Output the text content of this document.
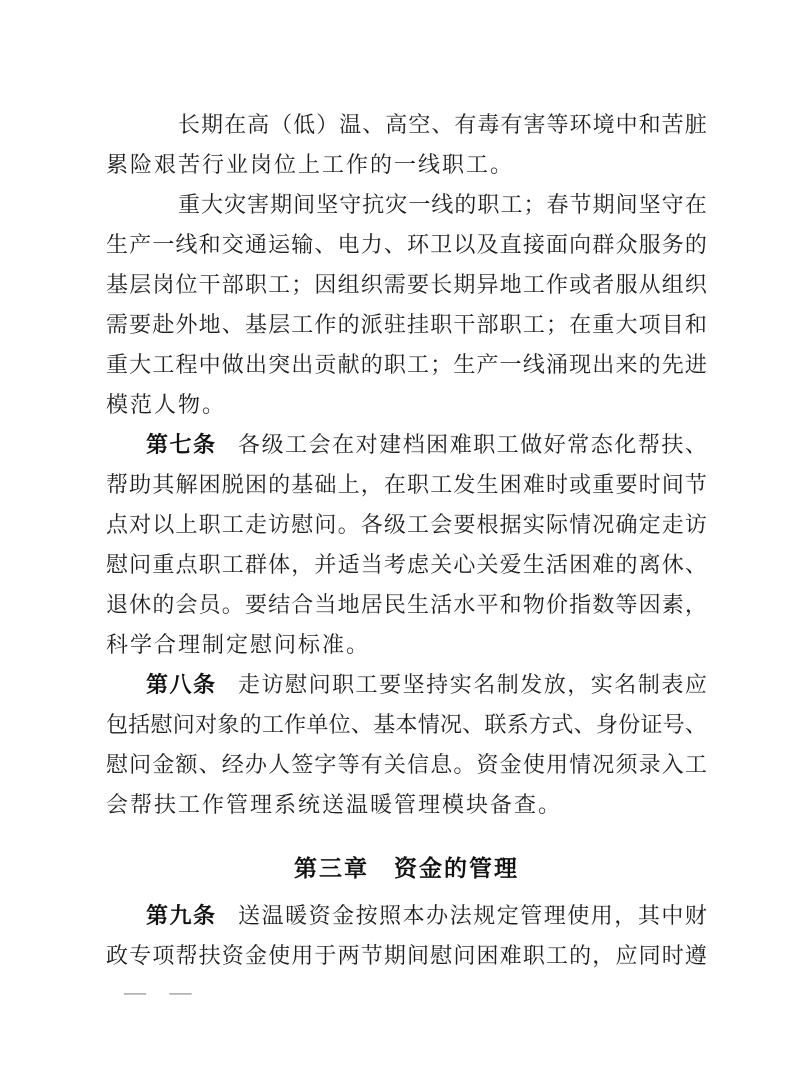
长 期 在 高 （ 低 ） 温 、 高 空 、 有 毒 有 害 等 环 境 中 和 苦 脏
累险艰苦行业岗位上工作的一线职工。
重 大 灾 害 期 间 坚 守 抗 灾 一 线 的 职 工 ； 春 节 期 间 坚 守 在
生 产 一 线 和 交 通 运 输 、 电 力 、 环 卫 以 及 直 接 面 向 群 众 服 务 的
基 层 岗 位 干 部 职 工 ； 因 组 织 需 要 长 期 异 地 工 作 或 者 服 从 组 织
需 要 赴 外 地 、 基 层 工 作 的 派 驻 挂 职 干 部 职 工 ； 在 重 大 项 目 和
重 大 工 程 中 做 出 突 出 贡 献 的 职 工 ； 生 产 一 线 涌 现 出 来 的 先 进
模范人物。
第 七 条 各 级 工 会 在 对 建 档 困 难 职 工 做 好 常 态 化 帮 扶 、
帮 助 其 解 困 脱 困 的 基 础 上 ， 在 职 工 发 生 困 难 时 或 重 要 时 间 节
点 对 以 上 职 工 走 访 慰 问 。 各 级 工 会 要 根 据 实 际 情 况 确 定 走 访
慰 问 重 点 职 工 群 体 ， 并 适 当 考 虑 关 心 关 爱 生 活 困 难 的 离 休 、
退 休 的 会 员 。 要 结 合 当 地 居 民 生 活 水 平 和 物 价 指 数 等 因 素 ，
科学合理制定慰问标准。
第 八 条 走 访 慰 问 职 工 要 坚 持 实 名 制 发 放 ， 实 名 制 表 应
包 括 慰 问 对 象 的 工 作 单 位 、 基 本 情 况 、 联 系 方 式 、 身 份 证 号 、
慰 问 金 额 、 经 办 人 签 字 等 有 关 信 息 。 资 金 使 用 情 况 须 录 入 工
会帮扶工作管理系统送温暖管理模块备查。
第三章　资金的管理
第 九 条 送 温 暖 资 金 按 照 本 办 法 规 定 管 理 使 用 ， 其 中 财
政 专 项 帮 扶 资 金 使 用 于 两 节 期 间 慰 问 困 难 职 工 的 ， 应 同 时 遵
— —
